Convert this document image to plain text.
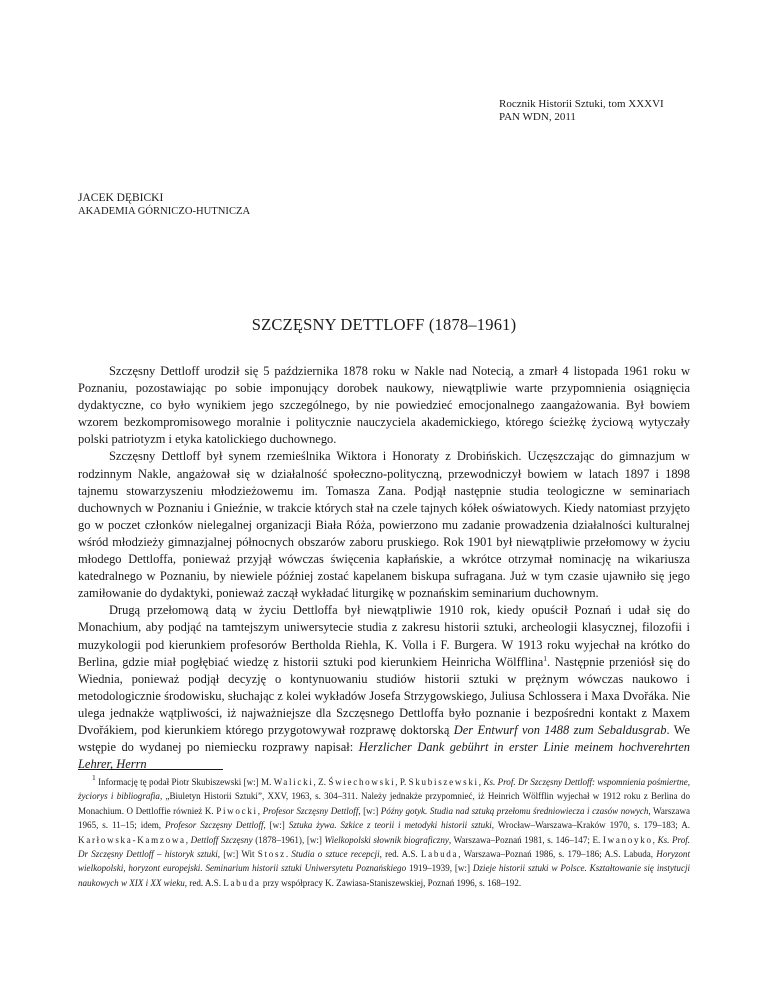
Rocznik Historii Sztuki, tom XXXVI
PAN WDN, 2011
JACEK DĘBICKI
AKADEMIA GÓRNICZO-HUTNICZA
SZCZĘSNY DETTLOFF (1878–1961)

Szczęsny Dettloff urodził się 5 października 1878 roku w Nakle nad Notecią, a zmarł 4 listopada 1961 roku w Poznaniu, pozostawiając po sobie imponujący dorobek naukowy, niewątpliwie warte przypomnienia osiągnięcia dydaktyczne, co było wynikiem jego szczególnego, by nie powiedzieć emocjonalnego zaangażowania. Był bowiem wzorem bezkompromisowego moralnie i politycznie nauczyciela akademickiego, którego ścieżkę życiową wytyczały polski patriotyzm i etyka katolickiego duchownego.

Szczęsny Dettloff był synem rzemieślnika Wiktora i Honoraty z Drobińskich. Uczęszczając do gimnazjum w rodzinnym Nakle, angażował się w działalność społeczno-polityczną, przewodniczył bowiem w latach 1897 i 1898 tajnemu stowarzyszeniu młodzieżowemu im. Tomasza Zana. Podjął następnie studia teologiczne w seminariach duchownych w Poznaniu i Gnieźnie, w trakcie których stał na czele tajnych kółek oświatowych. Kiedy natomiast przyjęto go w poczet członków nielegalnej organizacji Biała Róża, powierzono mu zadanie prowadzenia działalności kulturalnej wśród młodzieży gimnazjalnej północnych obszarów zaboru pruskiego. Rok 1901 był niewątpliwie przełomowy w życiu młodego Dettloffa, ponieważ przyjął wówczas święcenia kapłańskie, a wkrótce otrzymał nominację na wikariusza katedralnego w Poznaniu, by niewiele później zostać kapelanem biskupa sufragana. Już w tym czasie ujawniło się jego zamiłowanie do dydaktyki, ponieważ zaczął wykładać liturgikę w poznańskim seminarium duchownym.

Drugą przełomową datą w życiu Dettloffa był niewątpliwie 1910 rok, kiedy opuścił Poznań i udał się do Monachium, aby podjąć na tamtejszym uniwersytecie studia z zakresu historii sztuki, archeologii klasycznej, filozofii i muzykologii pod kierunkiem profesorów Bertholda Riehla, K. Volla i F. Burgera. W 1913 roku wyjechał na krótko do Berlina, gdzie miał pogłębiać wiedzę z historii sztuki pod kierunkiem Heinricha Wölfflina$^1$. Następnie przeniósł się do Wiednia, ponieważ podjął decyzję o kontynuowaniu studiów historii sztuki w prężnym wówczas naukowo i metodologicznie środowisku, słuchając z kolei wykładów Josefa Strzygowskiego, Juliusa Schlossera i Maxa Dvořáka. Nie ulega jednakże wątpliwości, iż najważniejsze dla Szczęsnego Dettloffa było poznanie i bezpośredni kontakt z Maxem Dvořákiem, pod kierunkiem którego przygotowywał rozprawę doktorską Der Entwurf von 1488 zum Sebaldusgrab. We wstępie do wydanej po niemiecku rozprawy napisał: Herzlicher Dank gebührt in erster Linie meinem hochverehrten Lehrer, Herrn

$^1$ Informację tę podał Piotr Skubiszewski [w:] M. Walicki, Z. Świechowski, P. Skubiszewski, Ks. Prof. Dr Szczęsny Dettloff: wspomnienia pośmiertne, życiorys i bibliografia, „Biuletyn Historii Sztuki”, XXV, 1963, s. 304–311. Należy jednakże przypomnieć, iż Heinrich Wölfflin wyjechał w 1912 roku z Berlina do Monachium. O Dettloffie również K. Piwocki, Profesor Szczęsny Dettloff, [w:] Późny gotyk. Studia nad sztuką przełomu średniowiecza i czasów nowych, Warszawa 1965, s. 11–15; idem, Profesor Szczęsny Dettloff, [w:] Sztuka żywa. Szkice z teorii i metodyki historii sztuki, Wrocław–Warszawa–Kraków 1970, s. 179–183; A. Karłowska-Kamzowa, Dettloff Szczęsny (1878–1961), [w:] Wielkopolski słownik biograficzny, Warszawa–Poznań 1981, s. 146–147; E. Iwanoyko, Ks. Prof. Dr Szczęsny Dettloff – historyk sztuki, [w:] Wit Stosz. Studia o sztuce recepcji, red. A.S. Labuda, Warszawa–Poznań 1986, s. 179–186; A.S. Labuda, Horyzont wielkopolski, horyzont europejski. Seminarium historii sztuki Uniwersytetu Poznańskiego 1919–1939, [w:] Dzieje historii sztuki w Polsce. Kształtowanie się instytucji naukowych w XIX i XX wieku, red. A.S. Labuda przy współpracy K. Zawiasa-Staniszewskiej, Poznań 1996, s. 168–192.
